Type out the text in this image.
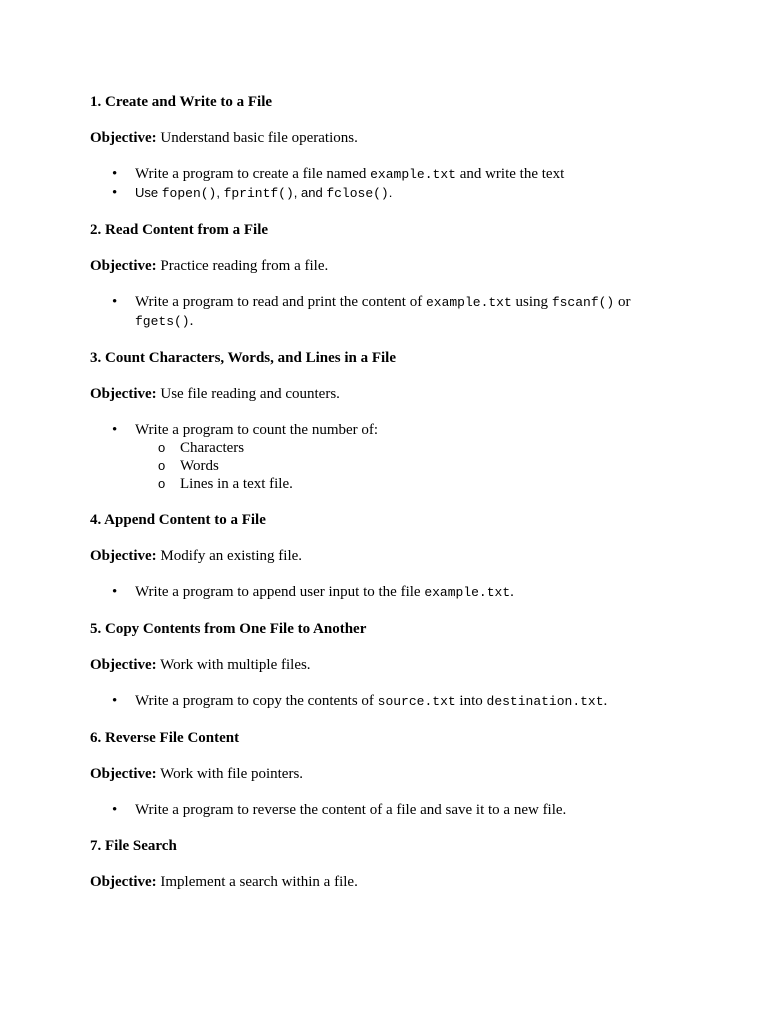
1. Create and Write to a File
Objective: Understand basic file operations.
•	Write a program to create a file named example.txt and write the text
•	Use fopen(), fprintf(), and fclose().
2. Read Content from a File
Objective: Practice reading from a file.
•	Write a program to read and print the content of example.txt using fscanf() or
fgets().
3. Count Characters, Words, and Lines in a File
Objective: Use file reading and counters.
•	Write a program to count the number of:
o Characters
o Words
o Lines in a text file.
4. Append Content to a File
Objective: Modify an existing file.
•	Write a program to append user input to the file example.txt.
5. Copy Contents from One File to Another
Objective: Work with multiple files.
•	Write a program to copy the contents of source.txt into destination.txt.
6. Reverse File Content
Objective: Work with file pointers.
•	Write a program to reverse the content of a file and save it to a new file.
7. File Search
Objective: Implement a search within a file.
